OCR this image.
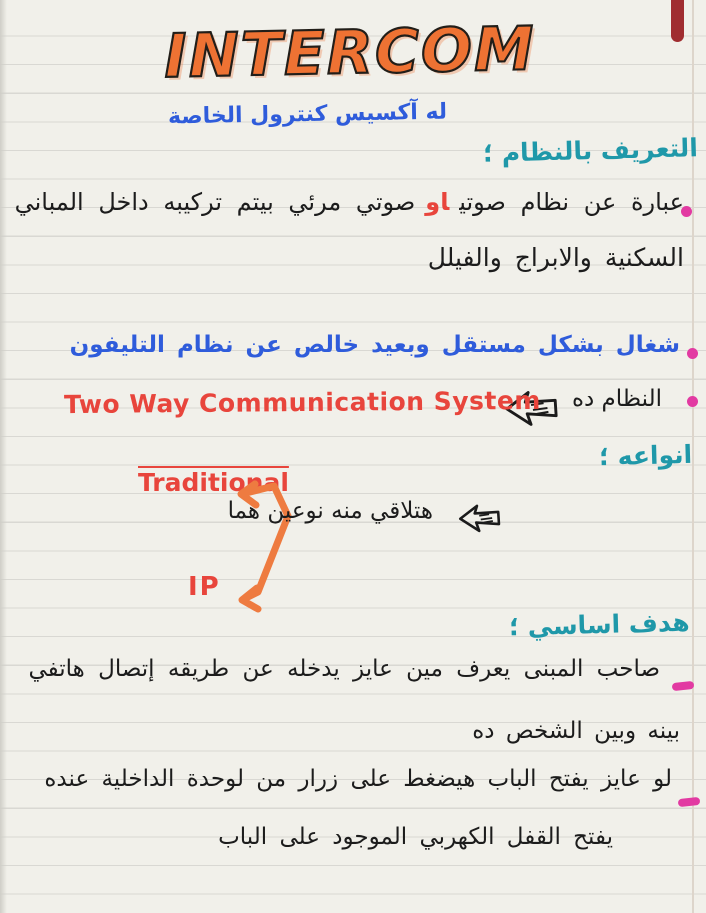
INTERCOM
له آكسيس كنترول الخاصة
التعريف بالنظام ؛
عبارة عن نظام صوتياوصوتي مرئي بيتم تركيبه داخل المباني
السكنية والابراج والفيلل
شغال بشكل مستقل وبعيد خالص عن نظام التليفون
النظام ده
Two Way Communication System
انواعه ؛
Traditional
هتلاقي منه نوعين هما
IP
هدف اساسي ؛
صاحب المبنى يعرف مين عايز يدخله عن طريقه إتصال هاتفي
بينه وبين الشخص ده
لو عايز يفتح الباب هيضغط على زرار من لوحدة الداخلية عنده
يفتح القفل الكهربي الموجود على الباب
